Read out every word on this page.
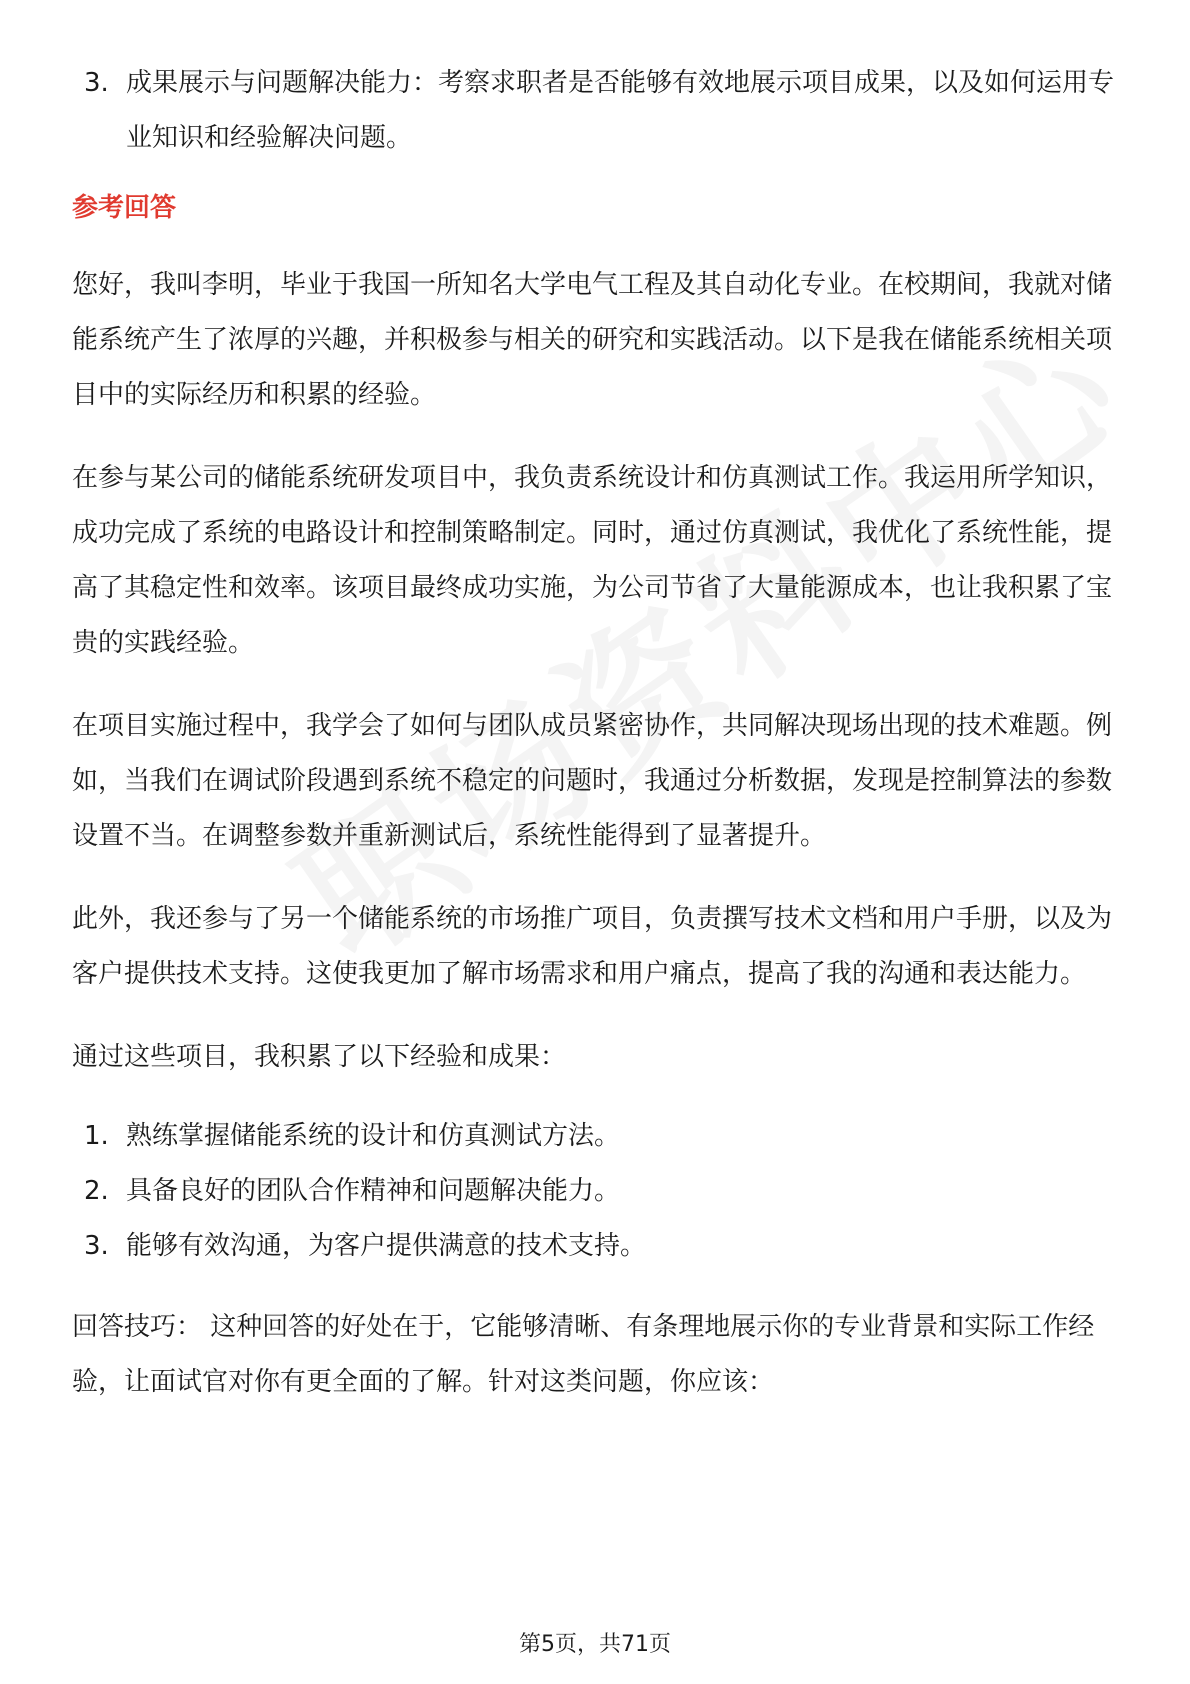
3. 成果展示与问题解决能力：考察求职者是否能够有效地展示项目成果，以及如何运用专业知识和经验解决问题。
参考回答

您好，我叫李明，毕业于我国一所知名大学电气工程及其自动化专业。在校期间，我就对储能系统产生了浓厚的兴趣，并积极参与相关的研究和实践活动。以下是我在储能系统相关项目中的实际经历和积累的经验。

在参与某公司的储能系统研发项目中，我负责系统设计和仿真测试工作。我运用所学知识，成功完成了系统的电路设计和控制策略制定。同时，通过仿真测试，我优化了系统性能，提高了其稳定性和效率。该项目最终成功实施，为公司节省了大量能源成本，也让我积累了宝贵的实践经验。

在项目实施过程中，我学会了如何与团队成员紧密协作，共同解决现场出现的技术难题。例如，当我们在调试阶段遇到系统不稳定的问题时，我通过分析数据，发现是控制算法的参数设置不当。在调整参数并重新测试后，系统性能得到了显著提升。

此外，我还参与了另一个储能系统的市场推广项目，负责撰写技术文档和用户手册，以及为客户提供技术支持。这使我更加了解市场需求和用户痛点，提高了我的沟通和表达能力。

通过这些项目，我积累了以下经验和成果：

1. 熟练掌握储能系统的设计和仿真测试方法。
2. 具备良好的团队合作精神和问题解决能力。
3. 能够有效沟通，为客户提供满意的技术支持。

回答技巧： 这种回答的好处在于，它能够清晰、有条理地展示你的专业背景和实际工作经验，让面试官对你有更全面的了解。针对这类问题，你应该：

第5页，共71页
